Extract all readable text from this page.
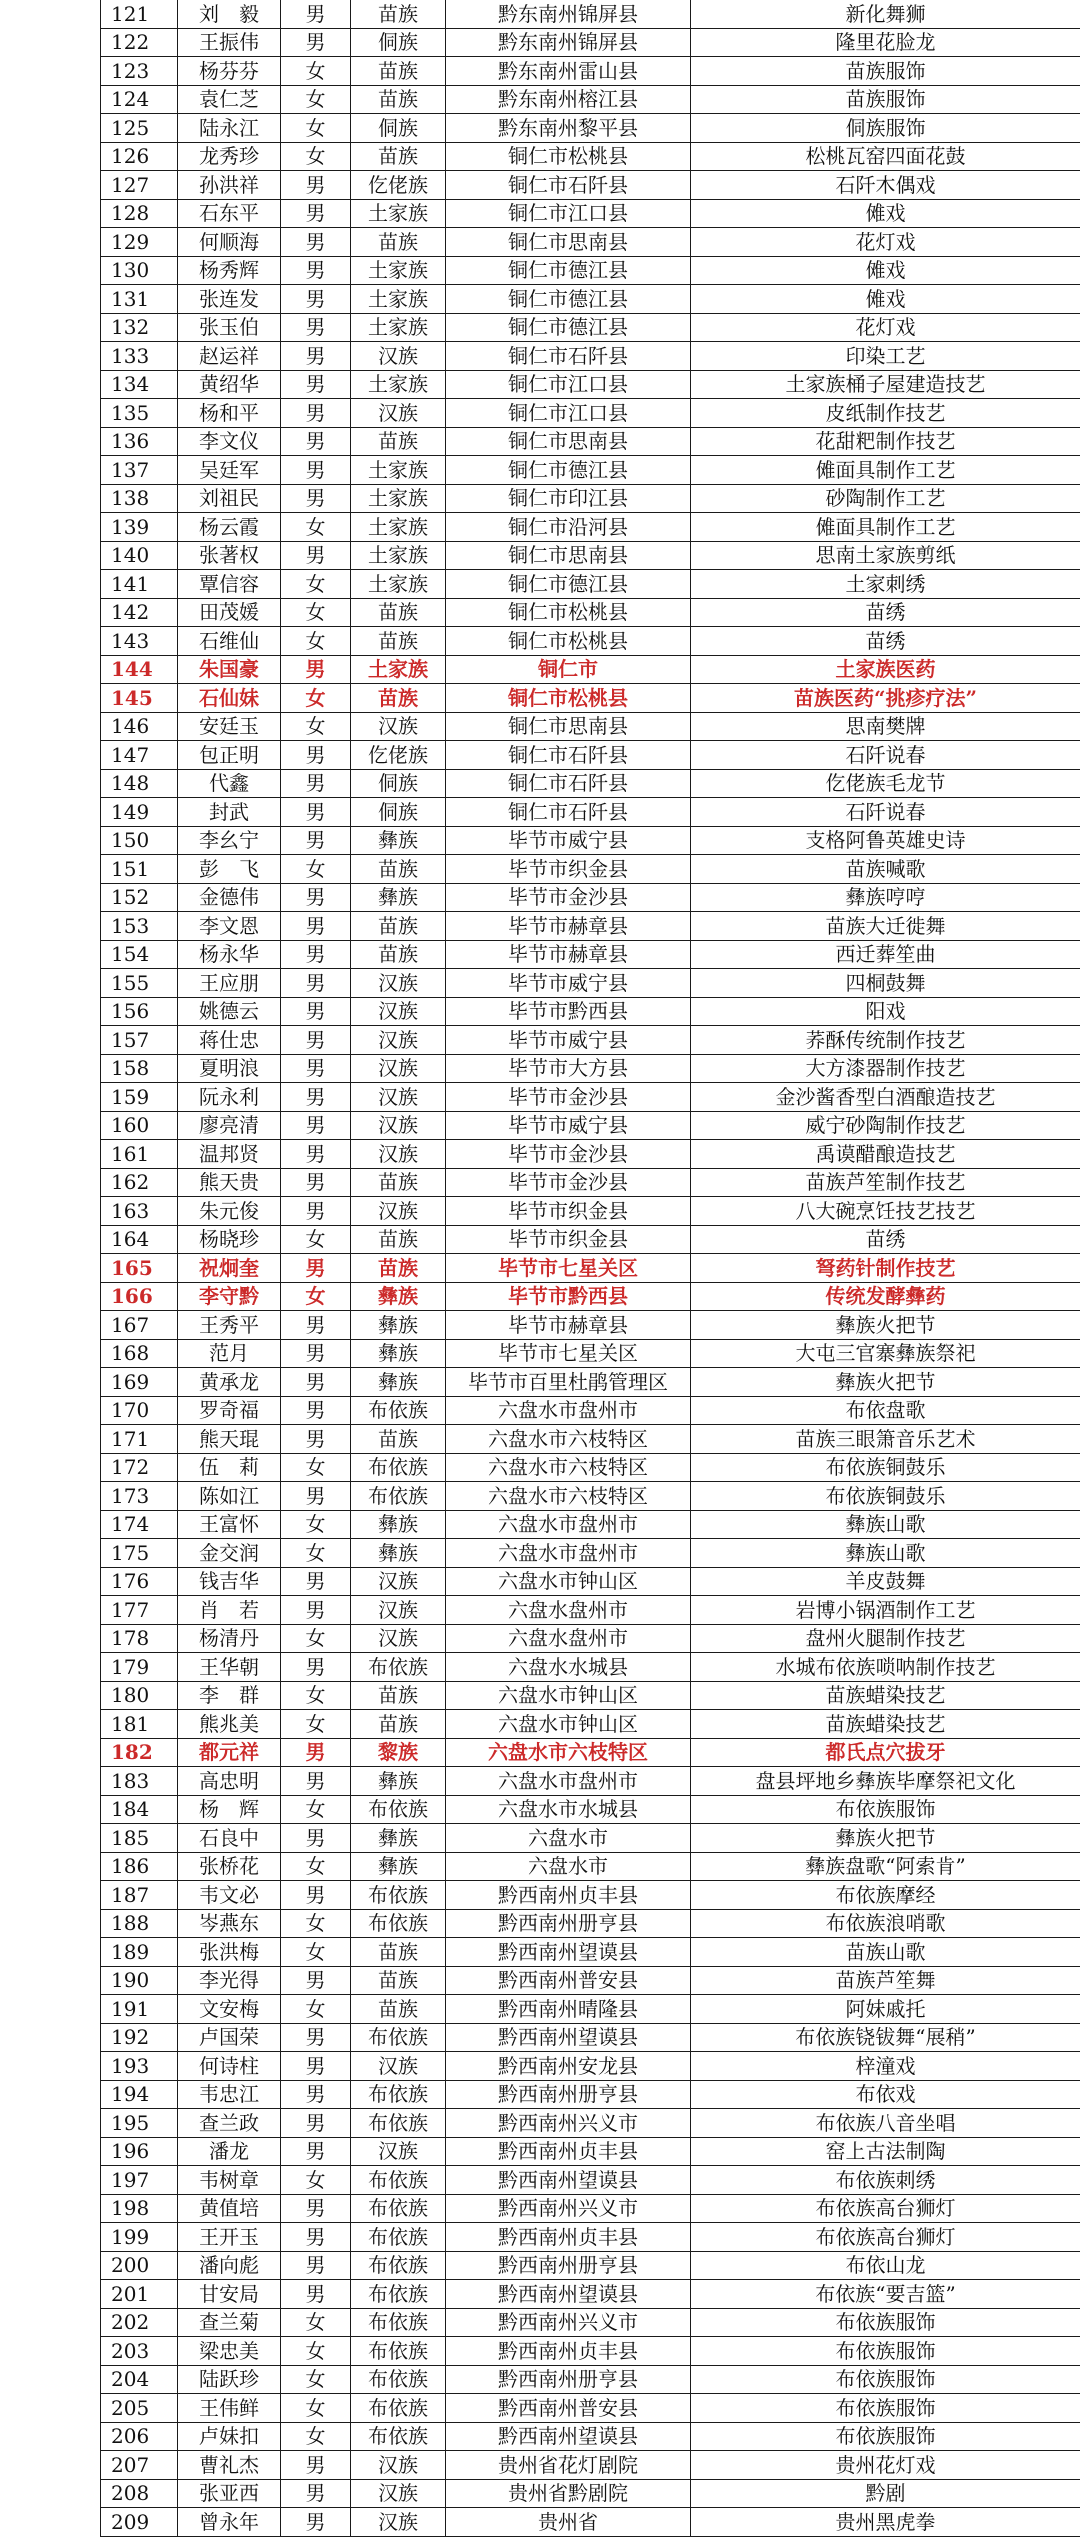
121	刘　毅	男	苗族	黔东南州锦屏县	新化舞狮
122	王振伟	男	侗族	黔东南州锦屏县	隆里花脸龙
123	杨芬芬	女	苗族	黔东南州雷山县	苗族服饰
124	袁仁芝	女	苗族	黔东南州榕江县	苗族服饰
125	陆永江	女	侗族	黔东南州黎平县	侗族服饰
126	龙秀珍	女	苗族	铜仁市松桃县	松桃瓦窑四面花鼓
127	孙洪祥	男	仡佬族	铜仁市石阡县	石阡木偶戏
128	石东平	男	土家族	铜仁市江口县	傩戏
129	何顺海	男	苗族	铜仁市思南县	花灯戏
130	杨秀辉	男	土家族	铜仁市德江县	傩戏
131	张连发	男	土家族	铜仁市德江县	傩戏
132	张玉伯	男	土家族	铜仁市德江县	花灯戏
133	赵运祥	男	汉族	铜仁市石阡县	印染工艺
134	黄绍华	男	土家族	铜仁市江口县	土家族桶子屋建造技艺
135	杨和平	男	汉族	铜仁市江口县	皮纸制作技艺
136	李文仪	男	苗族	铜仁市思南县	花甜粑制作技艺
137	吴廷军	男	土家族	铜仁市德江县	傩面具制作工艺
138	刘祖民	男	土家族	铜仁市印江县	砂陶制作工艺
139	杨云霞	女	土家族	铜仁市沿河县	傩面具制作工艺
140	张著权	男	土家族	铜仁市思南县	思南土家族剪纸
141	覃信容	女	土家族	铜仁市德江县	土家刺绣
142	田茂媛	女	苗族	铜仁市松桃县	苗绣
143	石维仙	女	苗族	铜仁市松桃县	苗绣
144	朱国豪	男	土家族	铜仁市	土家族医药
145	石仙妹	女	苗族	铜仁市松桃县	苗族医药“挑疹疗法”
146	安廷玉	女	汉族	铜仁市思南县	思南樊牌
147	包正明	男	仡佬族	铜仁市石阡县	石阡说春
148	代鑫	男	侗族	铜仁市石阡县	仡佬族毛龙节
149	封武	男	侗族	铜仁市石阡县	石阡说春
150	李幺宁	男	彝族	毕节市威宁县	支格阿鲁英雄史诗
151	彭　飞	女	苗族	毕节市织金县	苗族喊歌
152	金德伟	男	彝族	毕节市金沙县	彝族哼哼
153	李文恩	男	苗族	毕节市赫章县	苗族大迁徙舞
154	杨永华	男	苗族	毕节市赫章县	西迁葬笙曲
155	王应朋	男	汉族	毕节市威宁县	四桐鼓舞
156	姚德云	男	汉族	毕节市黔西县	阳戏
157	蒋仕忠	男	汉族	毕节市威宁县	荞酥传统制作技艺
158	夏明浪	男	汉族	毕节市大方县	大方漆器制作技艺
159	阮永利	男	汉族	毕节市金沙县	金沙酱香型白酒酿造技艺
160	廖亮清	男	汉族	毕节市威宁县	威宁砂陶制作技艺
161	温邦贤	男	汉族	毕节市金沙县	禹谟醋酿造技艺
162	熊天贵	男	苗族	毕节市金沙县	苗族芦笙制作技艺
163	朱元俊	男	汉族	毕节市织金县	八大碗烹饪技艺技艺
164	杨晓珍	女	苗族	毕节市织金县	苗绣
165	祝炯奎	男	苗族	毕节市七星关区	弩药针制作技艺
166	李守黔	女	彝族	毕节市黔西县	传统发酵彝药
167	王秀平	男	彝族	毕节市赫章县	彝族火把节
168	范月	男	彝族	毕节市七星关区	大屯三官寨彝族祭祀
169	黄承龙	男	彝族	毕节市百里杜鹃管理区	彝族火把节
170	罗奇福	男	布依族	六盘水市盘州市	布依盘歌
171	熊天琨	男	苗族	六盘水市六枝特区	苗族三眼箫音乐艺术
172	伍　莉	女	布依族	六盘水市六枝特区	布依族铜鼓乐
173	陈如江	男	布依族	六盘水市六枝特区	布依族铜鼓乐
174	王富怀	女	彝族	六盘水市盘州市	彝族山歌
175	金交润	女	彝族	六盘水市盘州市	彝族山歌
176	钱吉华	男	汉族	六盘水市钟山区	羊皮鼓舞
177	肖　若	男	汉族	六盘水盘州市	岩博小锅酒制作工艺
178	杨清丹	女	汉族	六盘水盘州市	盘州火腿制作技艺
179	王华朝	男	布依族	六盘水水城县	水城布依族唢呐制作技艺
180	李　群	女	苗族	六盘水市钟山区	苗族蜡染技艺
181	熊兆美	女	苗族	六盘水市钟山区	苗族蜡染技艺
182	都元祥	男	黎族	六盘水市六枝特区	都氏点穴拔牙
183	高忠明	男	彝族	六盘水市盘州市	盘县坪地乡彝族毕摩祭祀文化
184	杨　辉	女	布依族	六盘水市水城县	布依族服饰
185	石良中	男	彝族	六盘水市	彝族火把节
186	张桥花	女	彝族	六盘水市	彝族盘歌“阿索肯”
187	韦文必	男	布依族	黔西南州贞丰县	布依族摩经
188	岑燕东	女	布依族	黔西南州册亨县	布依族浪哨歌
189	张洪梅	女	苗族	黔西南州望谟县	苗族山歌
190	李光得	男	苗族	黔西南州普安县	苗族芦笙舞
191	文安梅	女	苗族	黔西南州晴隆县	阿妹戚托
192	卢国荣	男	布依族	黔西南州望谟县	布依族铙钹舞“展稍”
193	何诗柱	男	汉族	黔西南州安龙县	梓潼戏
194	韦忠江	男	布依族	黔西南州册亨县	布依戏
195	查兰政	男	布依族	黔西南州兴义市	布依族八音坐唱
196	潘龙	男	汉族	黔西南州贞丰县	窑上古法制陶
197	韦树章	女	布依族	黔西南州望谟县	布依族刺绣
198	黄值培	男	布依族	黔西南州兴义市	布依族高台狮灯
199	王开玉	男	布依族	黔西南州贞丰县	布依族高台狮灯
200	潘向彪	男	布依族	黔西南州册亨县	布依山龙
201	甘安局	男	布依族	黔西南州望谟县	布依族“要吉篮”
202	查兰菊	女	布依族	黔西南州兴义市	布依族服饰
203	梁忠美	女	布依族	黔西南州贞丰县	布依族服饰
204	陆跃珍	女	布依族	黔西南州册亨县	布依族服饰
205	王伟鲜	女	布依族	黔西南州普安县	布依族服饰
206	卢妹扣	女	布依族	黔西南州望谟县	布依族服饰
207	曹礼杰	男	汉族	贵州省花灯剧院	贵州花灯戏
208	张亚西	男	汉族	贵州省黔剧院	黔剧
209	曾永年	男	汉族	贵州省	贵州黑虎拳
